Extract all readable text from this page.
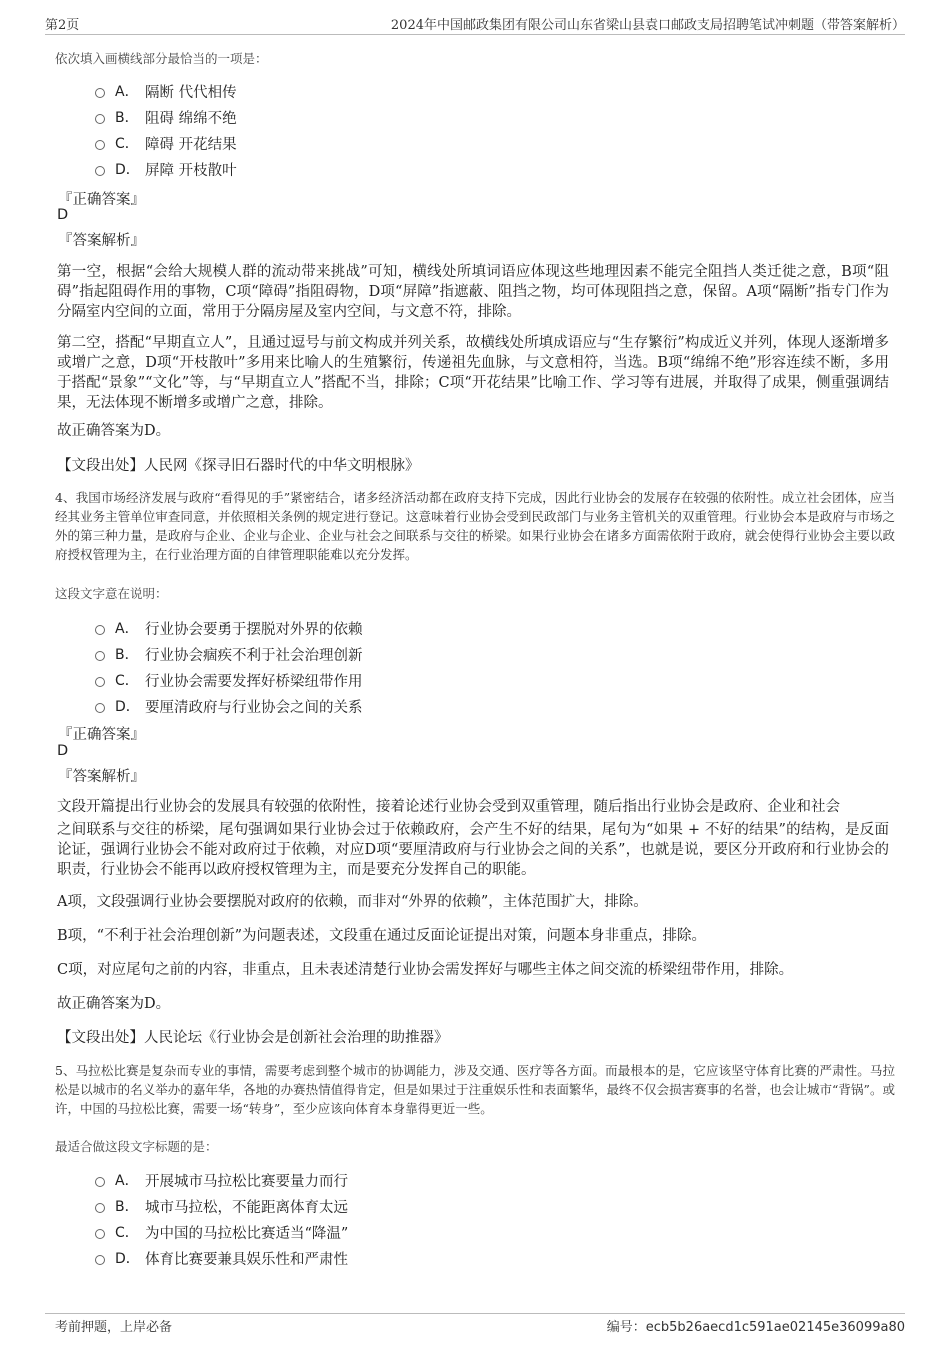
第2页	2024年中国邮政集团有限公司山东省梁山县袁口邮政支局招聘笔试冲刺题（带答案解析）
依次填入画横线部分最恰当的一项是：
A． 隔断 代代相传
B． 阻碍 绵绵不绝
C． 障碍 开花结果
D． 屏障 开枝散叶
『正确答案』
D
『答案解析』
第一空，根据“会给大规模人群的流动带来挑战”可知，横线处所填词语应体现这些地理因素不能完全阻挡人类迁徙之意，B项“阻碍”指起阻碍作用的事物，C项“障碍”指阻碍物，D项“屏障”指遮蔽、阻挡之物，均可体现阻挡之意，保留。A项“隔断”指专门作为分隔室内空间的立面，常用于分隔房屋及室内空间，与文意不符，排除。
第二空，搭配“早期直立人”，且通过逗号与前文构成并列关系，故横线处所填成语应与“生存繁衍”构成近义并列，体现人逐渐增多或增广之意，D项“开枝散叶”多用来比喻人的生殖繁衍，传递祖先血脉，与文意相符，当选。B项“绵绵不绝”形容连续不断，多用于搭配“景象”“文化”等，与“早期直立人”搭配不当，排除；C项“开花结果”比喻工作、学习等有进展，并取得了成果，侧重强调结果，无法体现不断增多或增广之意，排除。
故正确答案为D。
【文段出处】人民网《探寻旧石器时代的中华文明根脉》
4、我国市场经济发展与政府“看得见的手”紧密结合，诸多经济活动都在政府支持下完成，因此行业协会的发展存在较强的依附性。成立社会团体，应当经其业务主管单位审查同意，并依照相关条例的规定进行登记。这意味着行业协会受到民政部门与业务主管机关的双重管理。行业协会本是政府与市场之外的第三种力量，是政府与企业、企业与企业、企业与社会之间联系与交往的桥梁。如果行业协会在诸多方面需依附于政府，就会使得行业协会主要以政府授权管理为主，在行业治理方面的自律管理职能难以充分发挥。
这段文字意在说明：
A． 行业协会要勇于摆脱对外界的依赖
B． 行业协会痼疾不利于社会治理创新
C． 行业协会需要发挥好桥梁纽带作用
D． 要厘清政府与行业协会之间的关系
『正确答案』
D
『答案解析』
文段开篇提出行业协会的发展具有较强的依附性，接着论述行业协会受到双重管理，随后指出行业协会是政府、企业和社会
之间联系与交往的桥梁，尾句强调如果行业协会过于依赖政府，会产生不好的结果，尾句为“如果 + 不好的结果”的结构，是反面论证，强调行业协会不能对政府过于依赖，对应D项“要厘清政府与行业协会之间的关系”，也就是说，要区分开政府和行业协会的职责，行业协会不能再以政府授权管理为主，而是要充分发挥自己的职能。
A项，文段强调行业协会要摆脱对政府的依赖，而非对“外界的依赖”，主体范围扩大，排除。
B项，“不利于社会治理创新”为问题表述，文段重在通过反面论证提出对策，问题本身非重点，排除。
C项，对应尾句之前的内容，非重点，且未表述清楚行业协会需发挥好与哪些主体之间交流的桥梁纽带作用，排除。
故正确答案为D。
【文段出处】人民论坛《行业协会是创新社会治理的助推器》
5、马拉松比赛是复杂而专业的事情，需要考虑到整个城市的协调能力，涉及交通、医疗等各方面。而最根本的是，它应该坚守体育比赛的严肃性。马拉松是以城市的名义举办的嘉年华，各地的办赛热情值得肯定，但是如果过于注重娱乐性和表面繁华，最终不仅会损害赛事的名誉，也会让城市“背锅”。或许，中国的马拉松比赛，需要一场“转身”，至少应该向体育本身靠得更近一些。
最适合做这段文字标题的是：
A． 开展城市马拉松比赛要量力而行
B． 城市马拉松，不能距离体育太远
C． 为中国的马拉松比赛适当“降温”
D． 体育比赛要兼具娱乐性和严肃性
考前押题，上岸必备	编号：ecb5b26aecd1c591ae02145e36099a80
